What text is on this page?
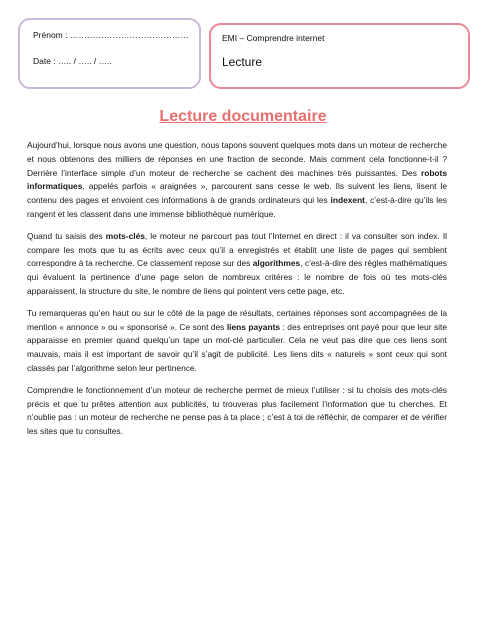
Prénom : ……………………………………
Date : ….. / ….. / …..
EMI – Comprendre internet
Lecture
Lecture documentaire

Aujourd’hui, lorsque nous avons une question, nous tapons souvent quelques mots dans un moteur de recherche et nous obtenons des milliers de réponses en une fraction de seconde. Mais comment cela fonctionne-t-il ? Derrière l’interface simple d’un moteur de recherche se cachent des machines très puissantes. Des robots informatiques, appelés parfois « araignées », parcourent sans cesse le web. Ils suivent les liens, lisent le contenu des pages et envoient ces informations à de grands ordinateurs qui les indexent, c’est-à-dire qu’ils les rangent et les classent dans une immense bibliothèque numérique.

Quand tu saisis des mots-clés, le moteur ne parcourt pas tout l’Internet en direct : il va consulter son index. Il compare les mots que tu as écrits avec ceux qu’il a enregistrés et établit une liste de pages qui semblent correspondre à ta recherche. Ce classement repose sur des algorithmes, c’est-à-dire des règles mathématiques qui évaluent la pertinence d’une page selon de nombreux critères : le nombre de fois où tes mots-clés apparaissent, la structure du site, le nombre de liens qui pointent vers cette page, etc.

Tu remarqueras qu’en haut ou sur le côté de la page de résultats, certaines réponses sont accompagnées de la mention « annonce » ou « sponsorisé ». Ce sont des liens payants : des entreprises ont payé pour que leur site apparaisse en premier quand quelqu’un tape un mot-clé particulier. Cela ne veut pas dire que ces liens sont mauvais, mais il est important de savoir qu’il s’agit de publicité. Les liens dits « naturels » sont ceux qui sont classés par l’algorithme selon leur pertinence.

Comprendre le fonctionnement d’un moteur de recherche permet de mieux l’utiliser : si tu choisis des mots-clés précis et que tu prêtes attention aux publicités, tu trouveras plus facilement l’information que tu cherches. Et n’oublie pas : un moteur de recherche ne pense pas à ta place ; c’est à toi de réfléchir, de comparer et de vérifier les sites que tu consultes.
